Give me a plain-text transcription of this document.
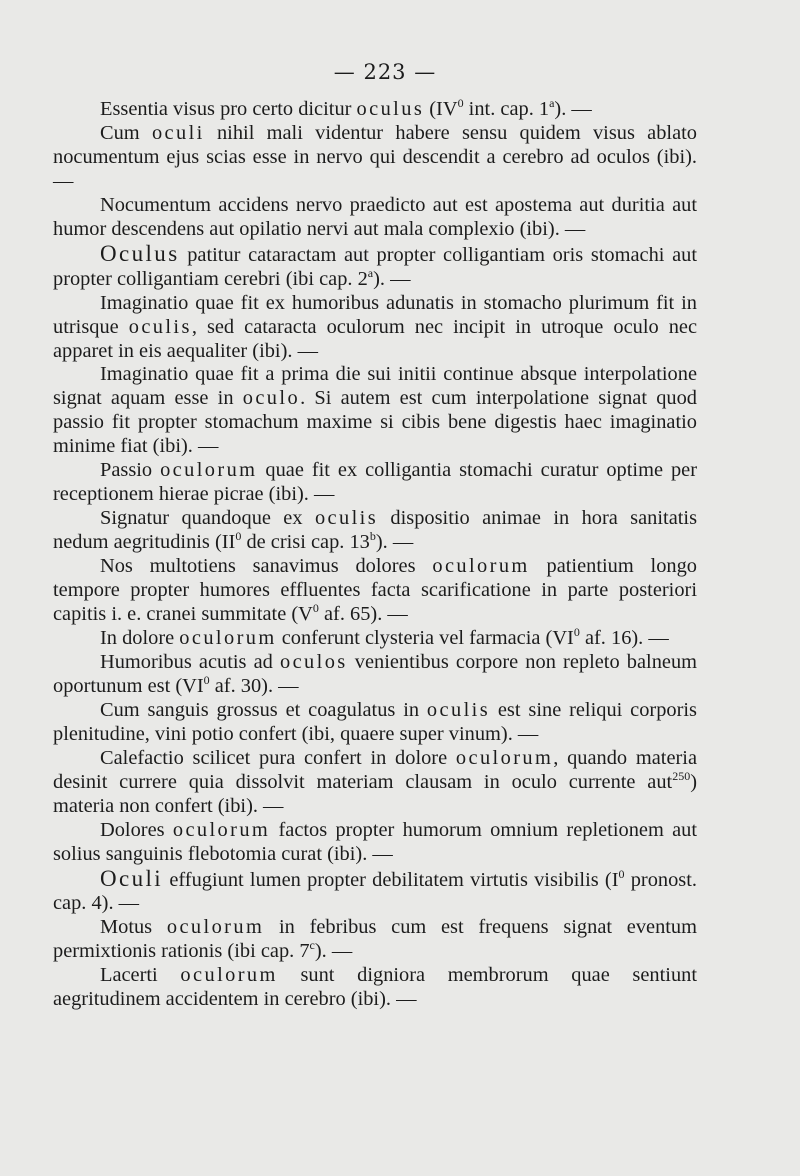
— 223 —

Essentia visus pro certo dicitur oculus ($IV^0$ int. cap. 1$^a$). —

Cum oculi nihil mali videntur habere sensu quidem visus ablato nocumentum ejus scias esse in nervo qui descendit a cerebro ad oculos (ibi). —

Nocumentum accidens nervo praedicto aut est apostema aut duritia aut humor descendens aut opilatio nervi aut mala complexio (ibi). —

Oculus patitur cataractam aut propter colligantiam oris stomachi aut propter colligantiam cerebri (ibi cap. 2$^a$). —

Imaginatio quae fit ex humoribus adunatis in stomacho plurimum fit in utrisque oculis, sed cataracta oculorum nec incipit in utroque oculo nec apparet in eis aequaliter (ibi). —

Imaginatio quae fit a prima die sui initii continue absque interpolatione signat aquam esse in oculo. Si autem est cum interpolatione signat quod passio fit propter stomachum maxime si cibis bene digestis haec imaginatio minime fiat (ibi). —

Passio oculorum quae fit ex colligantia stomachi curatur optime per receptionem hierae picrae (ibi). —

Signatur quandoque ex oculis dispositio animae in hora sanitatis nedum aegritudinis ($II^0$ de crisi cap. 13$^b$). —

Nos multotiens sanavimus dolores oculorum patientium longo tempore propter humores effluentes facta scarificatione in parte posteriori capitis i. e. cranei summitate ($V^0$ af. 65). —

In dolore oculorum conferunt clysteria vel farmacia ($VI^0$ af. 16). —

Humoribus acutis ad oculos venientibus corpore non repleto balneum oportunum est ($VI^0$ af. 30). —

Cum sanguis grossus et coagulatus in oculis est sine reliqui corporis plenitudine, vini potio confert (ibi, quaere super vinum). —

Calefactio scilicet pura confert in dolore oculorum, quando materia desinit currere quia dissolvit materiam clausam in oculo currente aut$^{250}$) materia non confert (ibi). —

Dolores oculorum factos propter humorum omnium repletionem aut solius sanguinis flebotomia curat (ibi). —

Oculi effugiunt lumen propter debilitatem virtutis visibilis ($I^0$ pronost. cap. 4). —

Motus oculorum in febribus cum est frequens signat eventum permixtionis rationis (ibi cap. 7$^c$). —

Lacerti oculorum sunt digniora membrorum quae sentiunt aegritudinem accidentem in cerebro (ibi). —
